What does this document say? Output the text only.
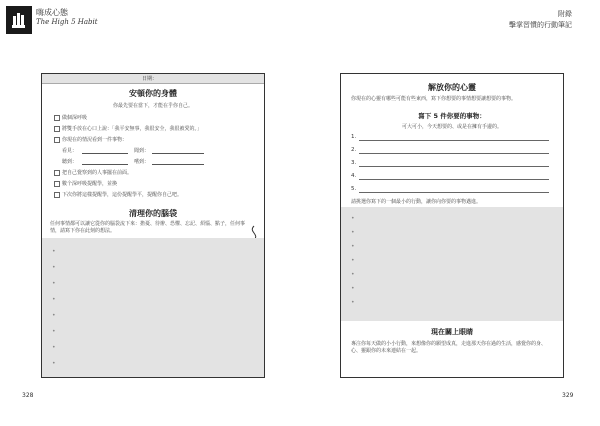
嗨成心態
The High 5 Habit
附錄
擊掌習慣的行動筆記
日期：
安頓你的身體
你最先要在當下，才能在乎你自己。
做個深呼吸
將雙手放在心口上說：「我平安無事，我很安全，我很被愛的。」
你現在的情況看到一件事物：
看見：	聞到：
聽到：	嚐到：
把自己覺察到的人事擺在前面。
數个深呼吸提醒學，並換
下次你將這樣提醒學，這份提醒學平，提醒你自己吧。
清理你的腦袋
任何事情都可以讓它從你的腦袋流下來：擔憂、待辦、恐懼、忘記、煩惱、點子，任何事情，請寫下你在此刻的想法。
•
•
•
•
•
•
•
•
解放你的心靈
你現在的心靈有哪些可能有些東西，寫下你想要的事情想要讓想要的事物。
寫下 5 件你要的事物：
可大可小，今天想要的、或是在擁有手邊的。
1.
2.
3.
4.
5.
請挑選你寫下的一個最小的行動，讓你向你要的事物邁進。
•
•
•
•
•
•
•
現在關上眼睛
專注你每天做的小小行動，來想像你的願望成真，走進那天你在過的生活，感覺你的身、心、靈跟你的未來連結在一起。
328	329
